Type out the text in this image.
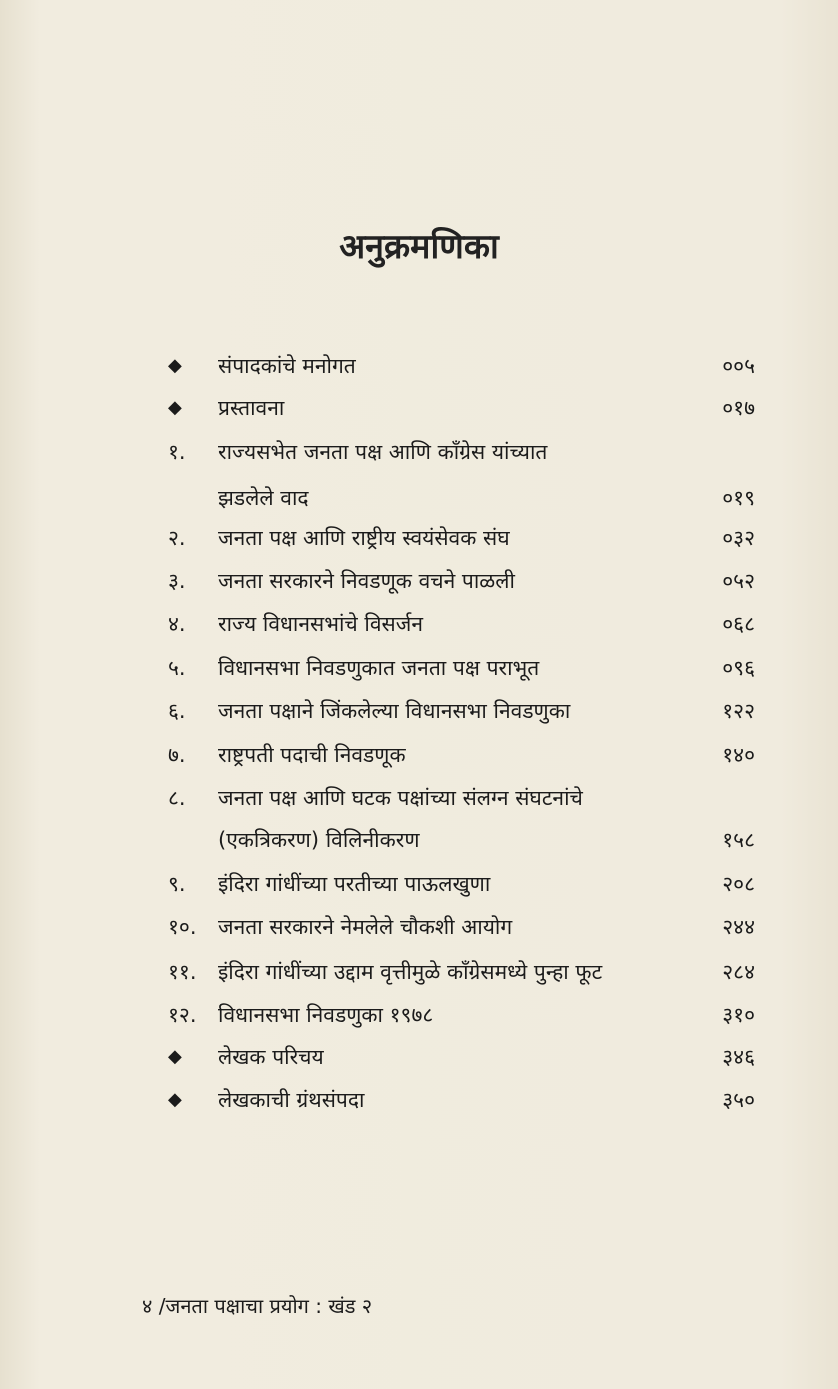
अनुक्रमणिका
◆ संपादकांचे मनोगत	००५
◆ प्रस्तावना	०१७
१.	राज्यसभेत जनता पक्ष आणि काँग्रेस यांच्यात
झडलेले वाद	०१९
२.	जनता पक्ष आणि राष्ट्रीय स्वयंसेवक संघ	०३२
३.	जनता सरकारने निवडणूक वचने पाळली	०५२
४.	राज्य विधानसभांचे विसर्जन	०६८
५.	विधानसभा निवडणुकात जनता पक्ष पराभूत	०९६
६.	जनता पक्षाने जिंकलेल्या विधानसभा निवडणुका	१२२
७.	राष्ट्रपती पदाची निवडणूक	१४०
८.	जनता पक्ष आणि घटक पक्षांच्या संलग्न संघटनांचे
(एकत्रिकरण) विलिनीकरण	१५८
९.	इंदिरा गांधींच्या परतीच्या पाऊलखुणा	२०८
१०.	जनता सरकारने नेमलेले चौकशी आयोग	२४४
११.	इंदिरा गांधींच्या उद्दाम वृत्तीमुळे काँग्रेसमध्ये पुन्हा फूट	२८४
१२.	विधानसभा निवडणुका १९७८	३१०
◆ लेखक परिचय	३४६
◆ लेखकाची ग्रंथसंपदा	३५०
४ /जनता पक्षाचा प्रयोग : खंड २
